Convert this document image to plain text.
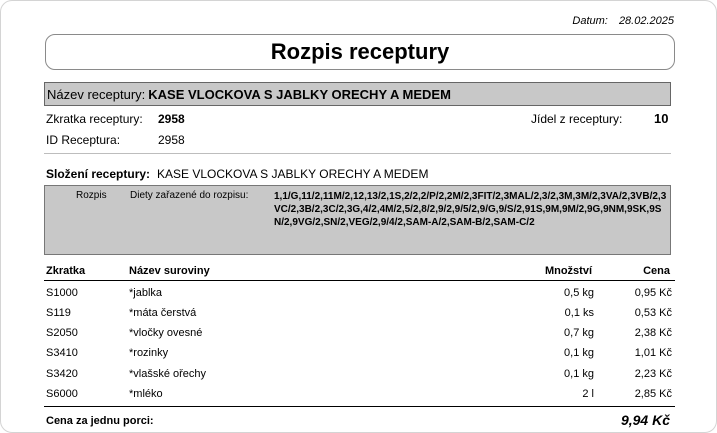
Datum: 28.02.2025
Rozpis receptury
Název receptury: KASE VLOCKOVA S JABLKY ORECHY A MEDEM
Zkratka receptury: 2958	Jídel z receptury: 10
ID Receptura:	2958
Složení receptury: KASE VLOCKOVA S JABLKY ORECHY A MEDEM
Rozpis Diety zařazené do rozpisu:	1,1/G,11/2,11M/2,12,13/2,1S,2/2,2/P/2,2M/2,3FIT/2,3MAL/2,3/2,3M,3M/2,3VA/2,3VB/2,3VC/2,3B/2,3C/2,3G,4/2,4M/2,5/2,8/2,9/2,9/5/2,9/G,9/S/2,91S,9M,9M/2,9G,9NM,9SK,9SN/2,9VG/2,SN/2,VEG/2,9/4/2,SAM-A/2,SAM-B/2,SAM-C/2
Zkratka	Název suroviny	Množství	Cena
S1000	*jablka	0,5 kg	0,95 Kč
S119	*máta čerstvá	0,1 ks	0,53 Kč
S2050	*vločky ovesné	0,7 kg	2,38 Kč
S3410	*rozinky	0,1 kg	1,01 Kč
S3420	*vlašské ořechy	0,1 kg	2,23 Kč
S6000	*mléko	2 l	2,85 Kč
Cena za jednu porci:	9,94 Kč
